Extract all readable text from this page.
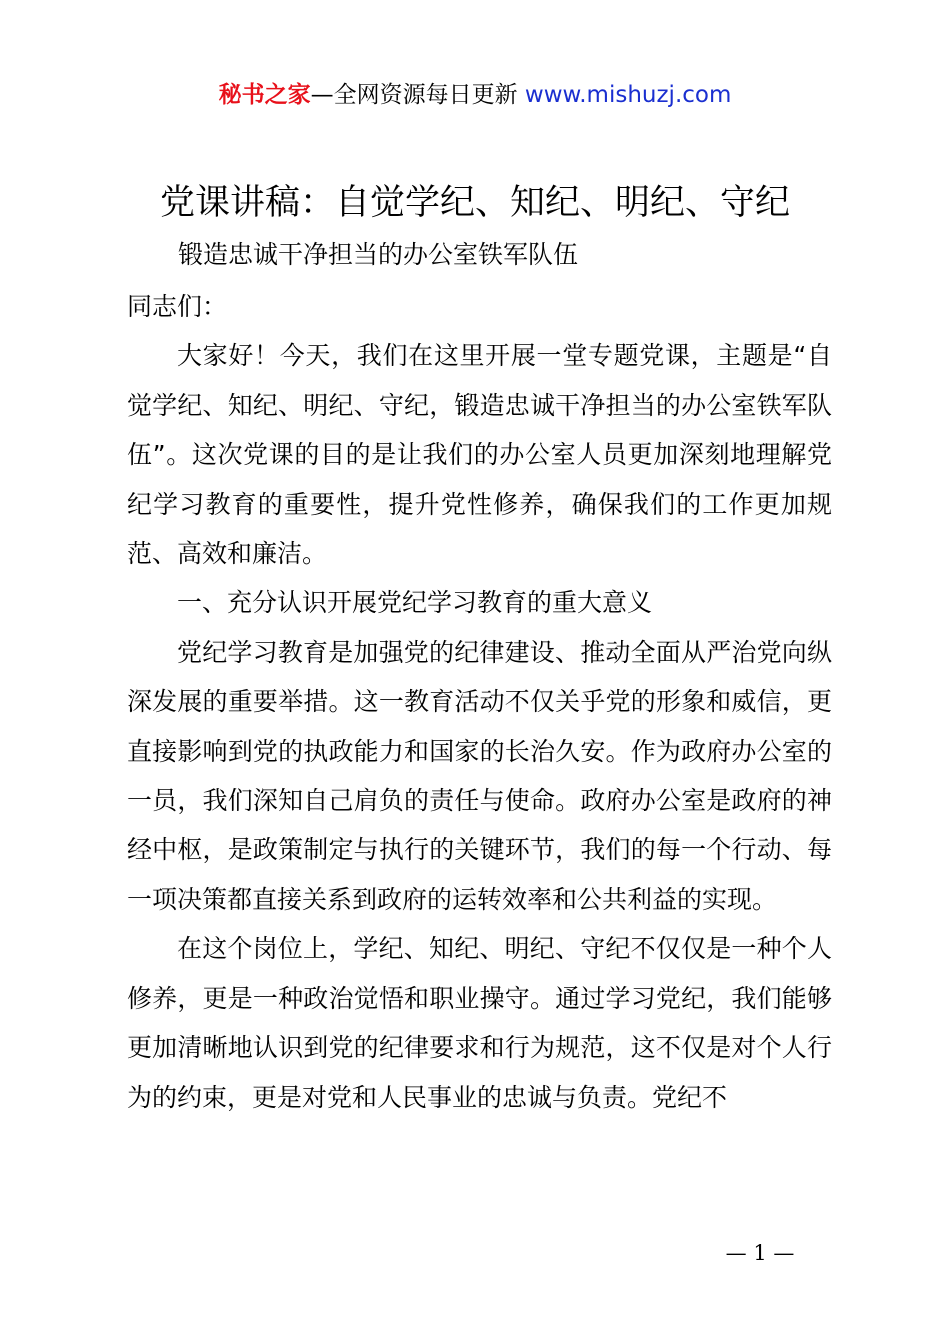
秘书之家—全网资源每日更新 www.mishuzj.com
党课讲稿：自觉学纪、知纪、明纪、守纪
锻造忠诚干净担当的办公室铁军队伍

同志们：

大家好！今天，我们在这里开展一堂专题党课，主题是“自觉学纪、知纪、明纪、守纪，锻造忠诚干净担当的办公室铁军队伍”。这次党课的目的是让我们的办公室人员更加深刻地理解党纪学习教育的重要性，提升党性修养，确保我们的工作更加规范、高效和廉洁。

一、充分认识开展党纪学习教育的重大意义

党纪学习教育是加强党的纪律建设、推动全面从严治党向纵深发展的重要举措。这一教育活动不仅关乎党的形象和威信，更直接影响到党的执政能力和国家的长治久安。作为政府办公室的一员，我们深知自己肩负的责任与使命。政府办公室是政府的神经中枢，是政策制定与执行的关键环节，我们的每一个行动、每一项决策都直接关系到政府的运转效率和公共利益的实现。

在这个岗位上，学纪、知纪、明纪、守纪不仅仅是一种个人修养，更是一种政治觉悟和职业操守。通过学习党纪，我们能够更加清晰地认识到党的纪律要求和行为规范，这不仅是对个人行为的约束，更是对党和人民事业的忠诚与负责。党纪不

— 1 —
